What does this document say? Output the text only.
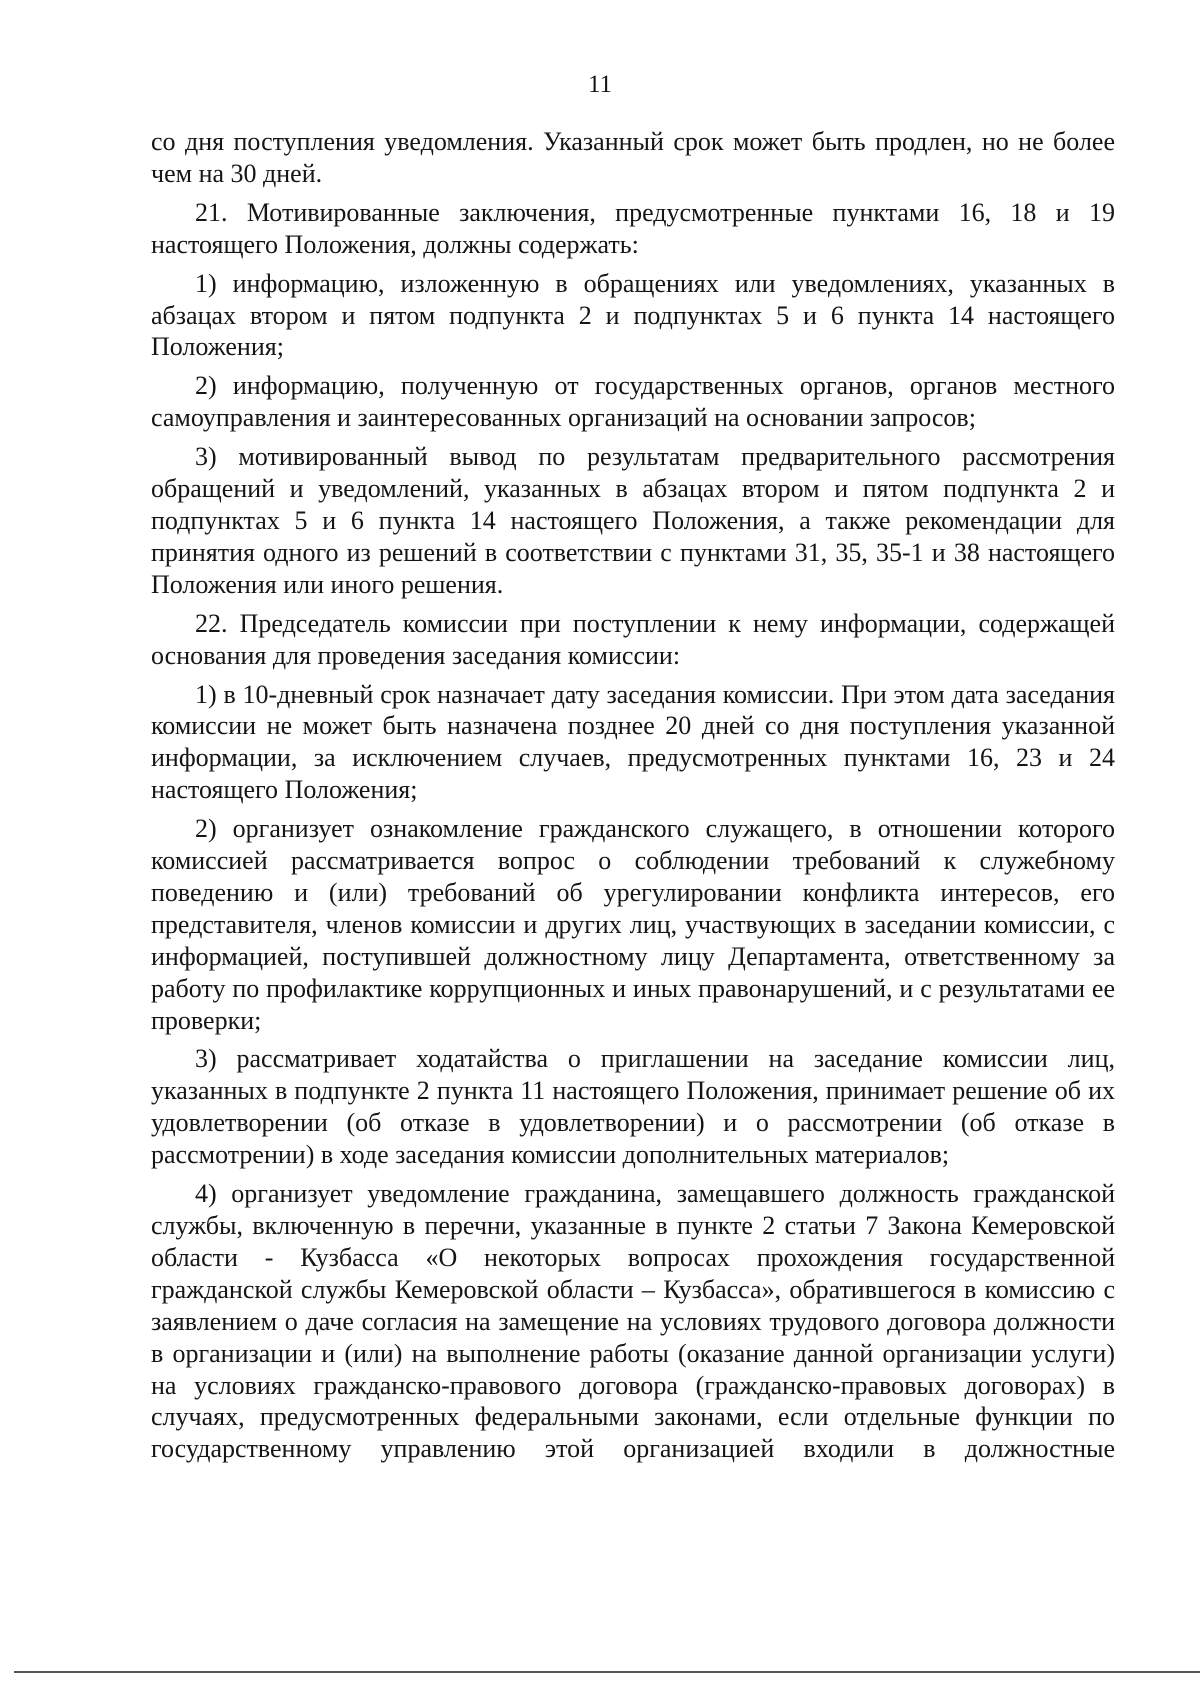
11

со дня поступления уведомления. Указанный срок может быть продлен, но не более чем на 30 дней.

21. Мотивированные заключения, предусмотренные пунктами 16, 18 и 19 настоящего Положения, должны содержать:

1) информацию, изложенную в обращениях или уведомлениях, указанных в абзацах втором и пятом подпункта 2 и подпунктах 5 и 6 пункта 14 настоящего Положения;

2) информацию, полученную от государственных органов, органов местного самоуправления и заинтересованных организаций на основании запросов;

3) мотивированный вывод по результатам предварительного рассмотрения обращений и уведомлений, указанных в абзацах втором и пятом подпункта 2 и подпунктах 5 и 6 пункта 14 настоящего Положения, а также рекомендации для принятия одного из решений в соответствии с пунктами 31, 35, 35-1 и 38 настоящего Положения или иного решения.

22. Председатель комиссии при поступлении к нему информации, содержащей основания для проведения заседания комиссии:

1) в 10-дневный срок назначает дату заседания комиссии. При этом дата заседания комиссии не может быть назначена позднее 20 дней со дня поступления указанной информации, за исключением случаев, предусмотренных пунктами 16, 23 и 24 настоящего Положения;

2) организует ознакомление гражданского служащего, в отношении которого комиссией рассматривается вопрос о соблюдении требований к служебному поведению и (или) требований об урегулировании конфликта интересов, его представителя, членов комиссии и других лиц, участвующих в заседании комиссии, с информацией, поступившей должностному лицу Департамента, ответственному за работу по профилактике коррупционных и иных правонарушений, и с результатами ее проверки;

3) рассматривает ходатайства о приглашении на заседание комиссии лиц, указанных в подпункте 2 пункта 11 настоящего Положения, принимает решение об их удовлетворении (об отказе в удовлетворении) и о рассмотрении (об отказе в рассмотрении) в ходе заседания комиссии дополнительных материалов;

4) организует уведомление гражданина, замещавшего должность гражданской службы, включенную в перечни, указанные в пункте 2 статьи 7 Закона Кемеровской области - Кузбасса «О некоторых вопросах прохождения государственной гражданской службы Кемеровской области – Кузбасса», обратившегося в комиссию с заявлением о даче согласия на замещение на условиях трудового договора должности в организации и (или) на выполнение работы (оказание данной организации услуги) на условиях гражданско-правового договора (гражданско-правовых договорах) в случаях, предусмотренных федеральными законами, если отдельные функции по государственному управлению этой организацией входили в должностные
